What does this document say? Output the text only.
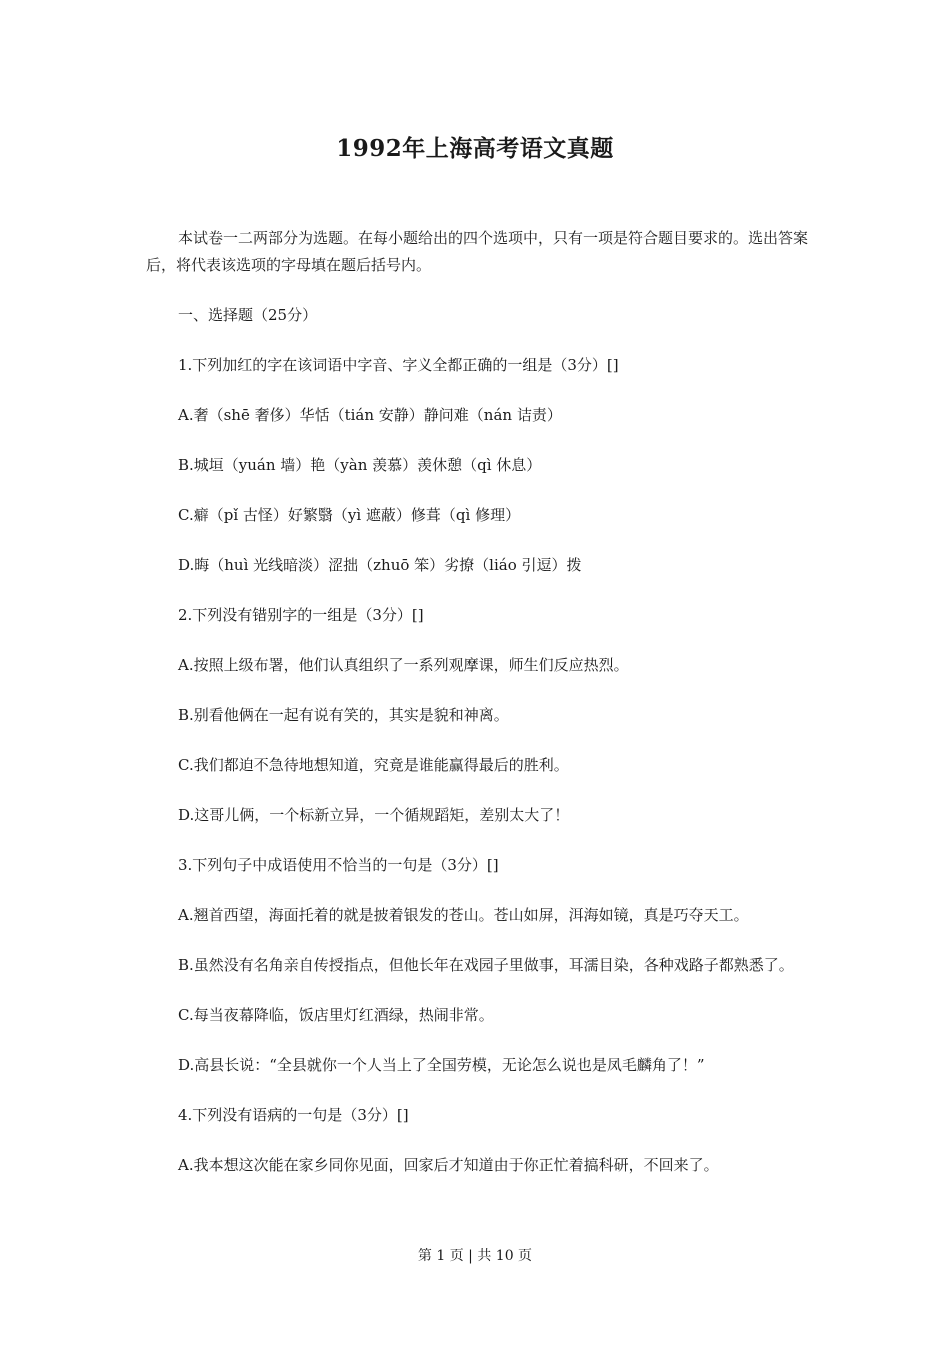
1992年上海高考语文真题

本试卷一二两部分为选题。在每小题给出的四个选项中，只有一项是符合题目要求的。选出答案后，将代表该选项的字母填在题后括号内。

一、选择题（25分）

1.下列加红的字在该词语中字音、字义全都正确的一组是（3分）[]

A.奢（shē 奢侈）华恬（tián 安静）静问难（nán 诘责）

B.城垣（yuán 墙）艳（yàn 羡慕）羡休憩（qì 休息）

C.癖（pǐ 古怪）好繁翳（yì 遮蔽）修葺（qì 修理）

D.晦（huì 光线暗淡）涩拙（zhuō 笨）劣撩（liáo 引逗）拨

2.下列没有错别字的一组是（3分）[]

A.按照上级布署，他们认真组织了一系列观摩课，师生们反应热烈。

B.别看他俩在一起有说有笑的，其实是貌和神离。

C.我们都迫不急待地想知道，究竟是谁能赢得最后的胜利。

D.这哥儿俩，一个标新立异，一个循规蹈矩，差别太大了！

3.下列句子中成语使用不恰当的一句是（3分）[]

A.翘首西望，海面托着的就是披着银发的苍山。苍山如屏，洱海如镜，真是巧夺天工。

B.虽然没有名角亲自传授指点，但他长年在戏园子里做事，耳濡目染，各种戏路子都熟悉了。

C.每当夜幕降临，饭店里灯红酒绿，热闹非常。

D.高县长说：“全县就你一个人当上了全国劳模，无论怎么说也是凤毛麟角了！”

4.下列没有语病的一句是（3分）[]

A.我本想这次能在家乡同你见面，回家后才知道由于你正忙着搞科研，不回来了。

第 1 页 | 共 10 页
